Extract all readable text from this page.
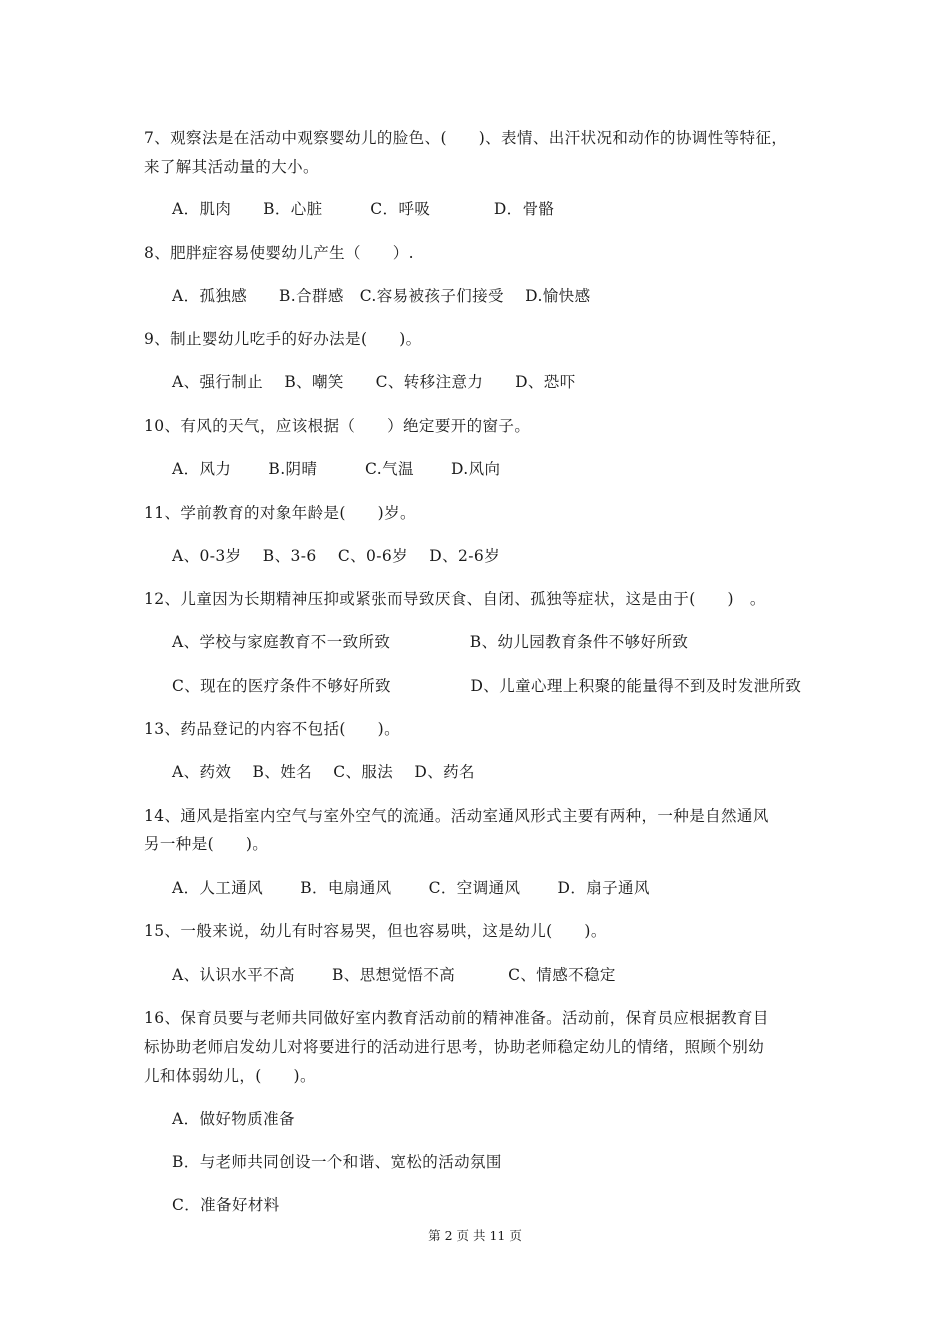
7、观察法是在活动中观察婴幼儿的脸色、(　　)、表情、出汗状况和动作的协调性等特征，
来了解其活动量的大小。
A．肌肉　　B．心脏　　　C．呼吸　　　　D．骨骼
8、肥胖症容易使婴幼儿产生（　　）.
A．孤独感　　B.合群感　C.容易被孩子们接受　 D.愉快感
9、制止婴幼儿吃手的好办法是(　　)。
A、强行制止　 B、嘲笑　　C、转移注意力　　D、恐吓
10、有风的天气，应该根据（　　）绝定要开的窗子。
A．风力　　 B.阴晴　　　C.气温　　 D.风向
11、学前教育的对象年龄是(　　)岁。
A、0-3岁　 B、3-6　 C、0-6岁　 D、2-6岁
12、儿童因为长期精神压抑或紧张而导致厌食、自闭、孤独等症状，这是由于(　　)　。
A、学校与家庭教育不一致所致　　　　　B、幼儿园教育条件不够好所致
C、现在的医疗条件不够好所致　　　　　D、儿童心理上积聚的能量得不到及时发泄所致
13、药品登记的内容不包括(　　)。
A、药效　 B、姓名　 C、服法　 D、药名
14、通风是指室内空气与室外空气的流通。活动室通风形式主要有两种，一种是自然通风
另一种是(　　)。
A．人工通风　　 B．电扇通风　　 C．空调通风　　 D．扇子通风
15、一般来说，幼儿有时容易哭，但也容易哄，这是幼儿(　　)。
A、认识水平不高　　 B、思想觉悟不高　　　 C、情感不稳定
16、保育员要与老师共同做好室内教育活动前的精神准备。活动前，保育员应根据教育目
标协助老师启发幼儿对将要进行的活动进行思考，协助老师稳定幼儿的情绪，照顾个别幼
儿和体弱幼儿，(　　)。
A．做好物质准备
B．与老师共同创设一个和谐、宽松的活动氛围
C．准备好材料
第 2 页 共 11 页
